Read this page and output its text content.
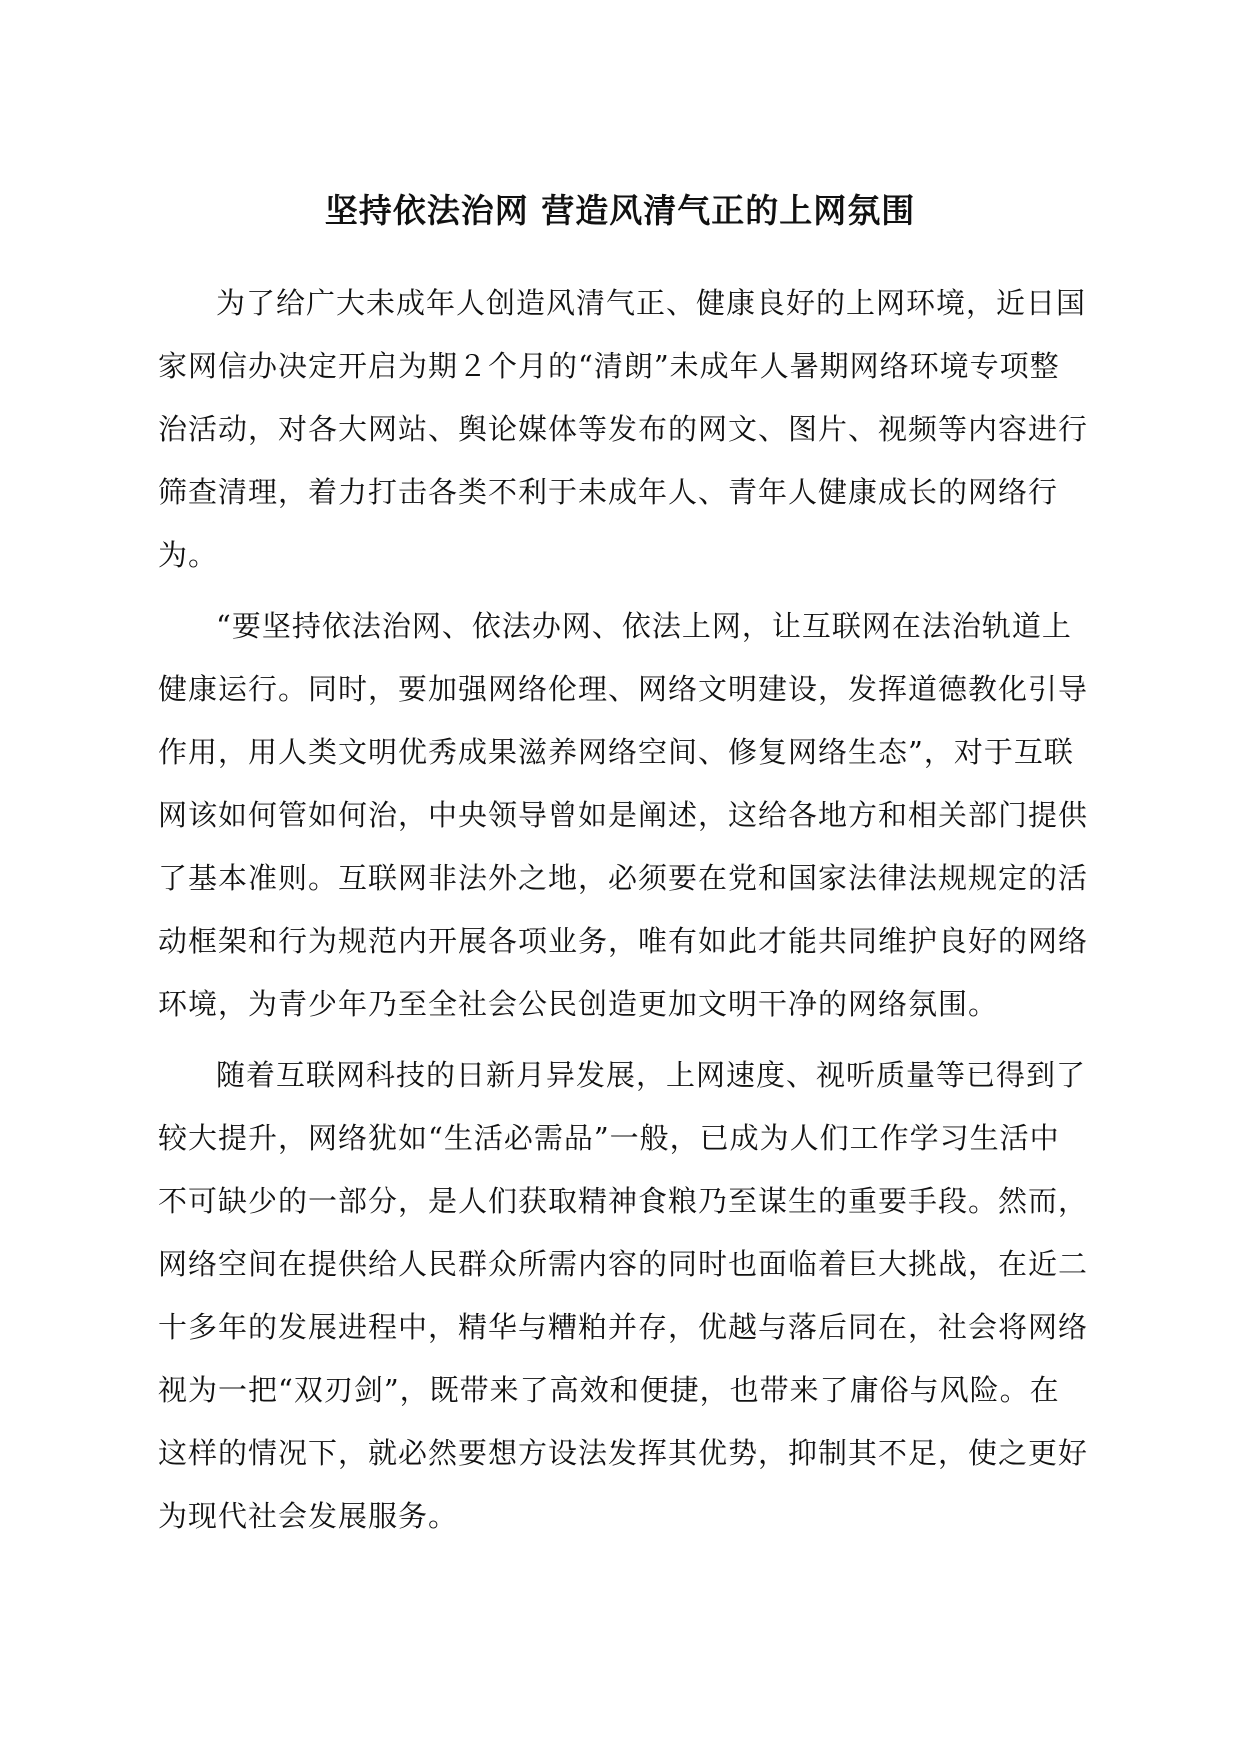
坚持依法治网 营造风清气正的上网氛围
为了给广大未成年人创造风清气正、健康良好的上网环境，近日国
家网信办决定开启为期２个月的“清朗”未成年人暑期网络环境专项整
治活动，对各大网站、舆论媒体等发布的网文、图片、视频等内容进行
筛查清理，着力打击各类不利于未成年人、青年人健康成长的网络行
为。
“要坚持依法治网、依法办网、依法上网，让互联网在法治轨道上
健康运行。同时，要加强网络伦理、网络文明建设，发挥道德教化引导
作用，用人类文明优秀成果滋养网络空间、修复网络生态”，对于互联
网该如何管如何治，中央领导曾如是阐述，这给各地方和相关部门提供
了基本准则。互联网非法外之地，必须要在党和国家法律法规规定的活
动框架和行为规范内开展各项业务，唯有如此才能共同维护良好的网络
环境，为青少年乃至全社会公民创造更加文明干净的网络氛围。
随着互联网科技的日新月异发展，上网速度、视听质量等已得到了
较大提升，网络犹如“生活必需品”一般，已成为人们工作学习生活中
不可缺少的一部分，是人们获取精神食粮乃至谋生的重要手段。然而，
网络空间在提供给人民群众所需内容的同时也面临着巨大挑战，在近二
十多年的发展进程中，精华与糟粕并存，优越与落后同在，社会将网络
视为一把“双刃剑”，既带来了高效和便捷，也带来了庸俗与风险。在
这样的情况下，就必然要想方设法发挥其优势，抑制其不足，使之更好
为现代社会发展服务。
